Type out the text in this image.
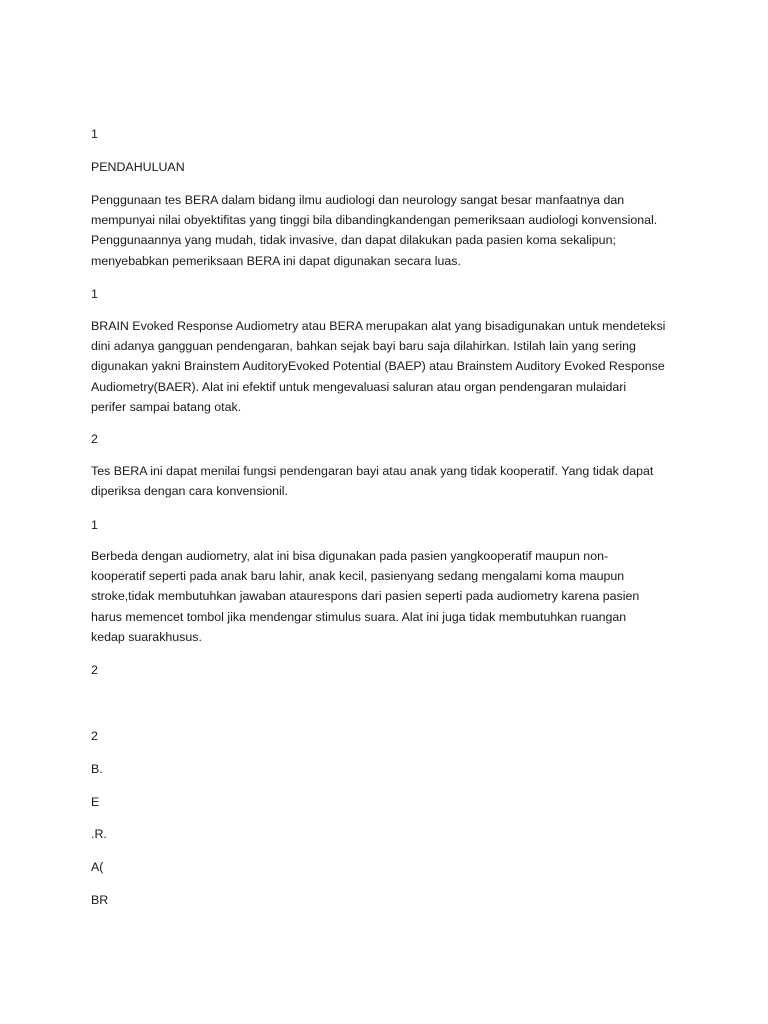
1

PENDAHULUAN

Penggunaan tes BERA dalam bidang ilmu audiologi dan neurology sangat besar manfaatnya dan
mempunyai nilai obyektifitas yang tinggi bila dibandingkandengan pemeriksaan audiologi konvensional.
Penggunaannya yang mudah, tidak invasive, dan dapat dilakukan pada pasien koma sekalipun;
menyebabkan pemeriksaan BERA ini dapat digunakan secara luas.

1

BRAIN Evoked Response Audiometry atau BERA merupakan alat yang bisadigunakan untuk mendeteksi
dini adanya gangguan pendengaran, bahkan sejak bayi baru saja dilahirkan. Istilah lain yang sering
digunakan yakni Brainstem AuditoryEvoked Potential (BAEP) atau Brainstem Auditory Evoked Response
Audiometry(BAER). Alat ini efektif untuk mengevaluasi saluran atau organ pendengaran mulaidari
perifer sampai batang otak.

2

Tes BERA ini dapat menilai fungsi pendengaran bayi atau anak yang tidak kooperatif. Yang tidak dapat
diperiksa dengan cara konvensionil.

1

Berbeda dengan audiometry, alat ini bisa digunakan pada pasien yangkooperatif maupun non-
kooperatif seperti pada anak baru lahir, anak kecil, pasienyang sedang mengalami koma maupun
stroke,tidak membutuhkan jawaban ataurespons dari pasien seperti pada audiometry karena pasien
harus memencet tombol jika mendengar stimulus suara. Alat ini juga tidak membutuhkan ruangan
kedap suarakhusus.

2

2

B.

E

.R.

A(

BR
